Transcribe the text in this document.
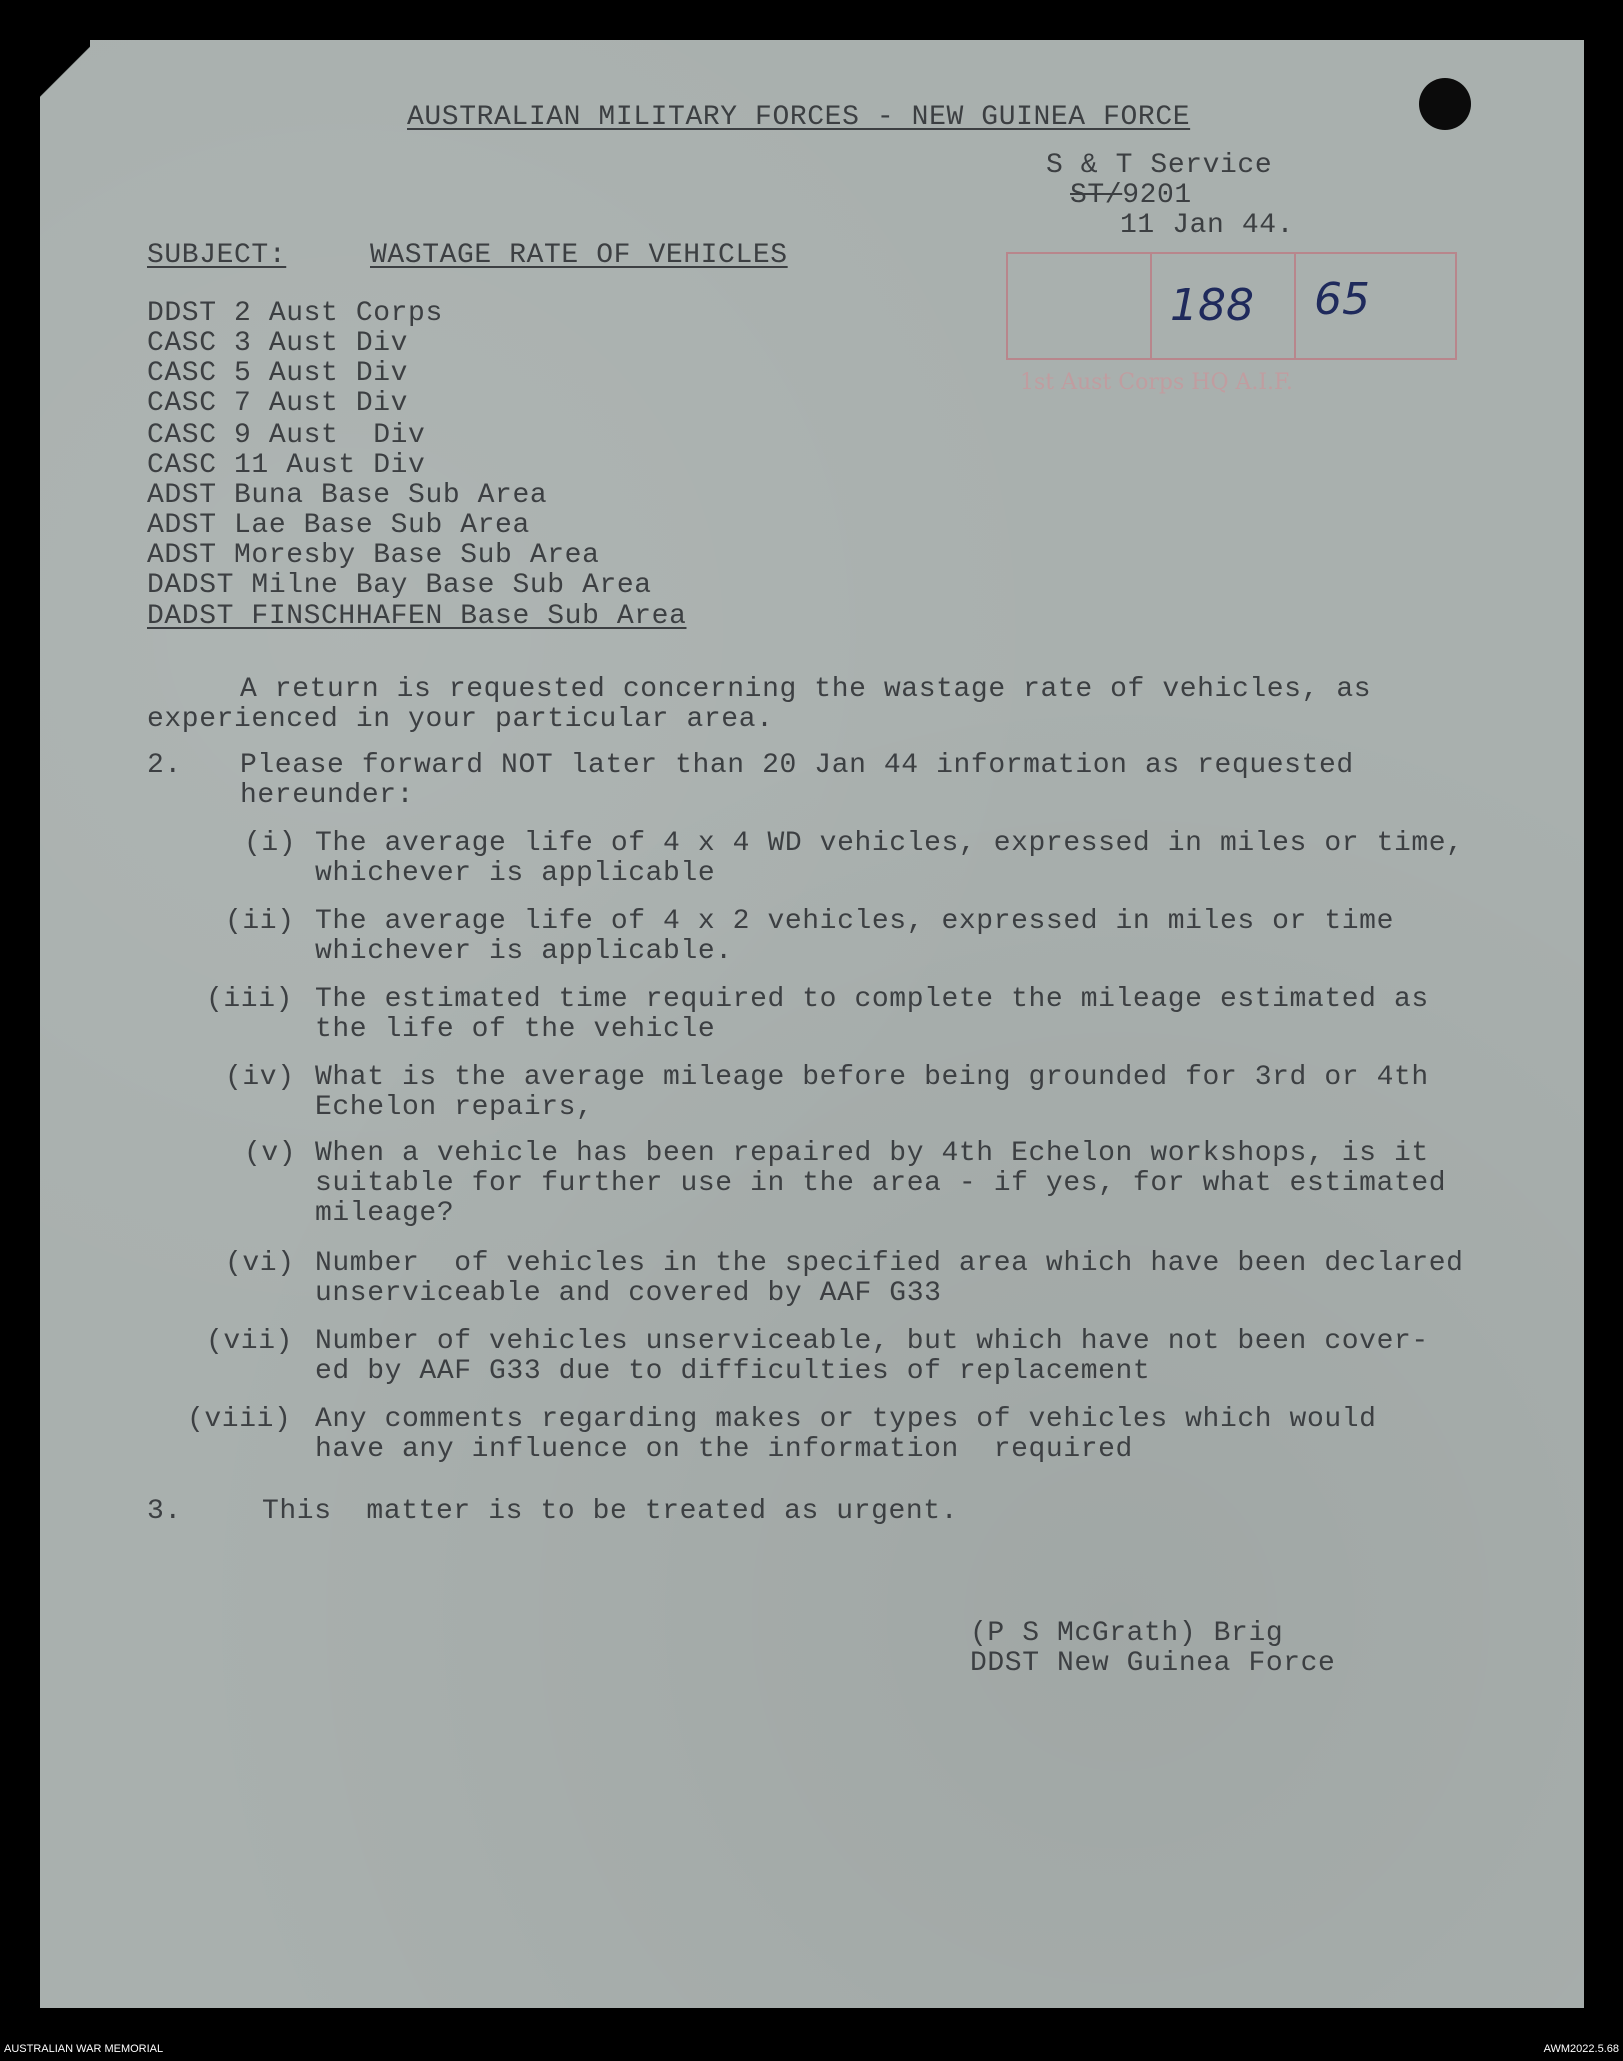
AUSTRALIAN MILITARY FORCES - NEW GUINEA FORCE
S & T Service
ST/9201
11 Jan 44.
188 65
1st Aust Corps HQ A.I.F.
SUBJECT:	WASTAGE RATE OF VEHICLES
DDST 2 Aust Corps
CASC 3 Aust Div
CASC 5 Aust Div
CASC 7 Aust Div
CASC 9 Aust  Div
CASC 11 Aust Div
ADST Buna Base Sub Area
ADST Lae Base Sub Area
ADST Moresby Base Sub Area
DADST Milne Bay Base Sub Area
DADST FINSCHHAFEN Base Sub Area
A return is requested concerning the wastage rate of vehicles, as
experienced in your particular area.
2. Please forward NOT later than 20 Jan 44 information as requested
hereunder:
(i) The average life of 4 x 4 WD vehicles, expressed in miles or time,
whichever is applicable
(ii) The average life of 4 x 2 vehicles, expressed in miles or time
whichever is applicable.
(iii) The estimated time required to complete the mileage estimated as
the life of the vehicle
(iv) What is the average mileage before being grounded for 3rd or 4th
Echelon repairs,
(v) When a vehicle has been repaired by 4th Echelon workshops, is it
suitable for further use in the area - if yes, for what estimated
mileage?
(vi) Number  of vehicles in the specified area which have been declared
unserviceable and covered by AAF G33
(vii) Number of vehicles unserviceable, but which have not been cover-
ed by AAF G33 due to difficulties of replacement
(viii) Any comments regarding makes or types of vehicles which would
have any influence on the information  required
3.	This  matter is to be treated as urgent.
(P S McGrath) Brig
DDST New Guinea Force
AUSTRALIAN WAR MEMORIAL	AWM2022.5.68
